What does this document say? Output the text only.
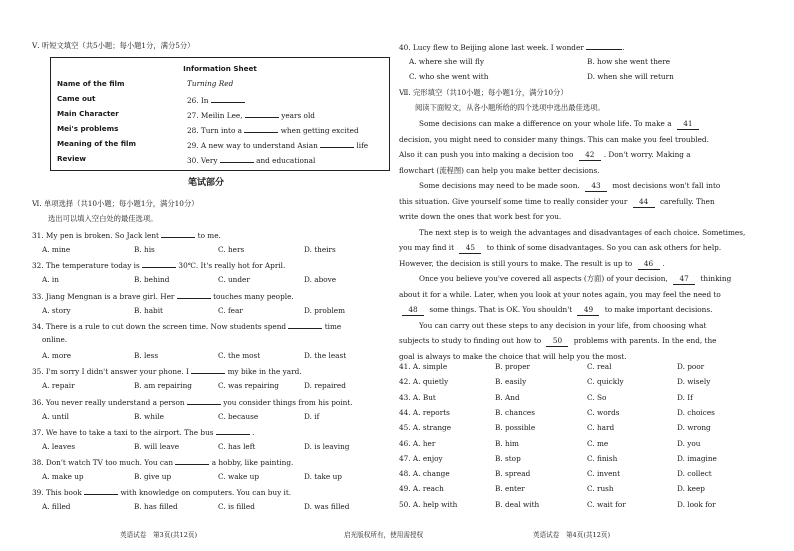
Ⅴ. 听短文填空（共5小题；每小题1分，满分5分）
Information Sheet
Name of the film	Turning Red
Came out	26. In
Main Character	27. Meilin Lee,	years old
Mei's problems	28. Turn into a	when getting excited
Meaning of the film	29. A new way to understand Asian	life
Review	30. Very	and educational
笔试部分
Ⅵ. 单项选择（共10小题；每小题1分，满分10分）
选出可以填入空白处的最佳选项。
31. My pen is broken. So Jack lent	to me.
A. mine	B. his	C. hers	D. theirs
32. The temperature today is	30℃. It's really hot for April.
A. in	B. behind	C. under	D. above
33. Jiang Mengnan is a brave girl. Her	touches many people.
A. story	B. habit	C. fear	D. problem
34. There is a rule to cut down the screen time. Now students spend	time
online.
A. more	B. less	C. the most	D. the least
35. I'm sorry I didn't answer your phone. I	my bike in the yard.
A. repair	B. am repairing	C. was repairing	D. repaired
36. You never really understand a person	you consider things from his point.
A. until	B. while	C. because	D. if
37. We have to take a taxi to the airport. The bus	.
A. leaves	B. will leave	C. has left	D. is leaving
38. Don't watch TV too much. You can	a hobby, like painting.
A. make up	B. give up	C. wake up	D. take up
39. This book	with knowledge on computers. You can buy it.
A. filled	B. has filled	C. is filled	D. was filled
英语试卷　第3页(共12页)	启光版权所有，使用需授权
40. Lucy flew to Beijing alone last week. I wonder	.
A. where she will fly	B. how she went there
C. who she went with	D. when she will return
Ⅶ. 完形填空（共10小题；每小题1分，满分10分）
阅读下面短文，从各小题所给的四个选项中选出最佳选项。
Some decisions can make a difference on your whole life. To make a 41
decision, you might need to consider many things. This can make you feel troubled.
Also it can push you into making a decision too 42 . Don't worry. Making a
flowchart (流程图) can help you make better decisions.
Some decisions may need to be made soon. 43 most decisions won't fall into
this situation. Give yourself some time to really consider your 44 carefully. Then
write down the ones that work best for you.
The next step is to weigh the advantages and disadvantages of each choice. Sometimes,
you may find it 45 to think of some disadvantages. So you can ask others for help.
However, the decision is still yours to make. The result is up to 46 .
Once you believe you've covered all aspects (方面) of your decision, 47 thinking
about it for a while. Later, when you look at your notes again, you may feel the need to
48 some things. That is OK. You shouldn't 49 to make important decisions.
You can carry out these steps to any decision in your life, from choosing what
subjects to study to finding out how to 50 problems with parents. In the end, the
goal is always to make the choice that will help you the most.
41. A. simple	B. proper	C. real	D. poor
42. A. quietly	B. easily	C. quickly	D. wisely
43. A. But	B. And	C. So	D. If
44. A. reports	B. chances	C. words	D. choices
45. A. strange	B. possible	C. hard	D. wrong
46. A. her	B. him	C. me	D. you
47. A. enjoy	B. stop	C. finish	D. imagine
48. A. change	B. spread	C. invent	D. collect
49. A. reach	B. enter	C. rush	D. keep
50. A. help with	B. deal with	C. wait for	D. look for
英语试卷　第4页(共12页)
